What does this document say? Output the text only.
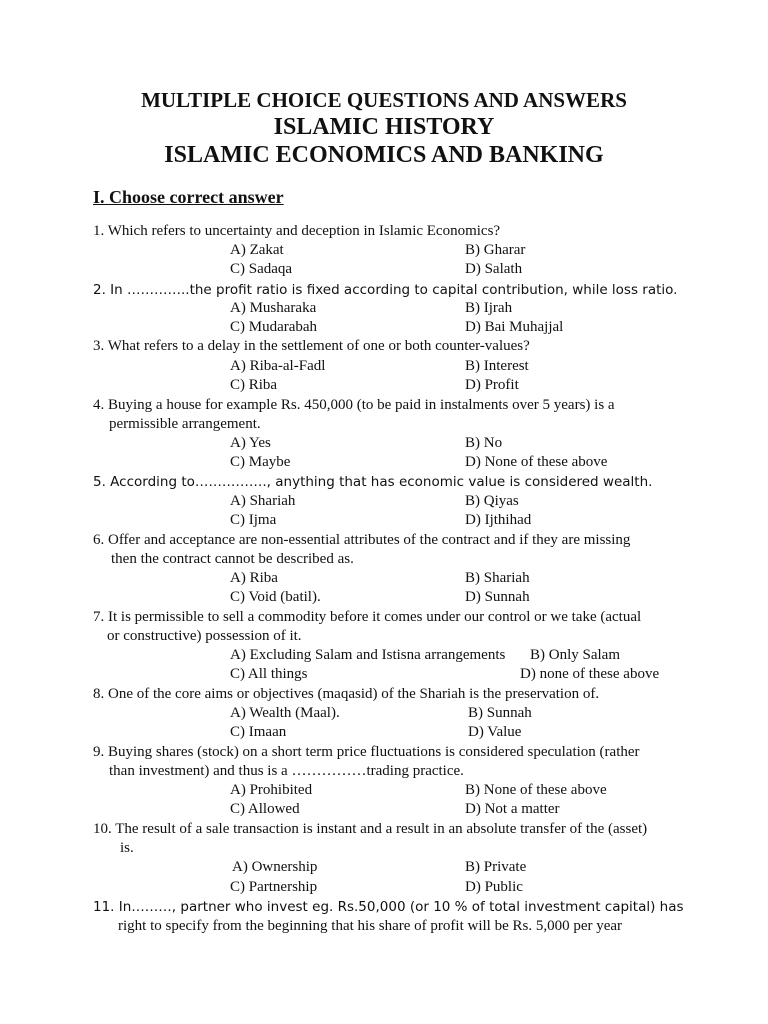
MULTIPLE CHOICE QUESTIONS AND ANSWERS
ISLAMIC HISTORY
ISLAMIC ECONOMICS AND BANKING
I. Choose correct answer
1. Which refers to uncertainty and deception in Islamic Economics?
A) Zakat	B) Gharar
C) Sadaqa	D) Salath
2. In …………..the profit ratio is fixed according to capital contribution, while loss ratio.
A) Musharaka	B) Ijrah
C) Mudarabah	D) Bai Muhajjal
3. What refers to a delay in the settlement of one or both counter-values?
A) Riba-al-Fadl	B) Interest
C) Riba	D) Profit
4. Buying a house for example Rs. 450,000 (to be paid in instalments over 5 years) is a
permissible arrangement.
A) Yes	B) No
C) Maybe	D) None of these above
5. According to……………., anything that has economic value is considered wealth.
A) Shariah	B) Qiyas
C) Ijma	D) Ijthihad
6. Offer and acceptance are non-essential attributes of the contract and if they are missing
then the contract cannot be described as.
A) Riba	B) Shariah
C) Void (batil).	D) Sunnah
7. It is permissible to sell a commodity before it comes under our control or we take (actual
or constructive) possession of it.
A) Excluding Salam and Istisna arrangements B) Only Salam
C) All things	D) none of these above
8. One of the core aims or objectives (maqasid) of the Shariah is the preservation of.
A) Wealth (Maal).	B) Sunnah
C) Imaan	D) Value
9. Buying shares (stock) on a short term price fluctuations is considered speculation (rather
than investment) and thus is a ……………trading practice.
A) Prohibited	B) None of these above
C) Allowed	D) Not a matter
10. The result of a sale transaction is instant and a result in an absolute transfer of the (asset)
is.
A) Ownership	B) Private
C) Partnership	D) Public
11. In………, partner who invest eg. Rs.50,000 (or 10 % of total investment capital) has
right to specify from the beginning that his share of profit will be Rs. 5,000 per year
